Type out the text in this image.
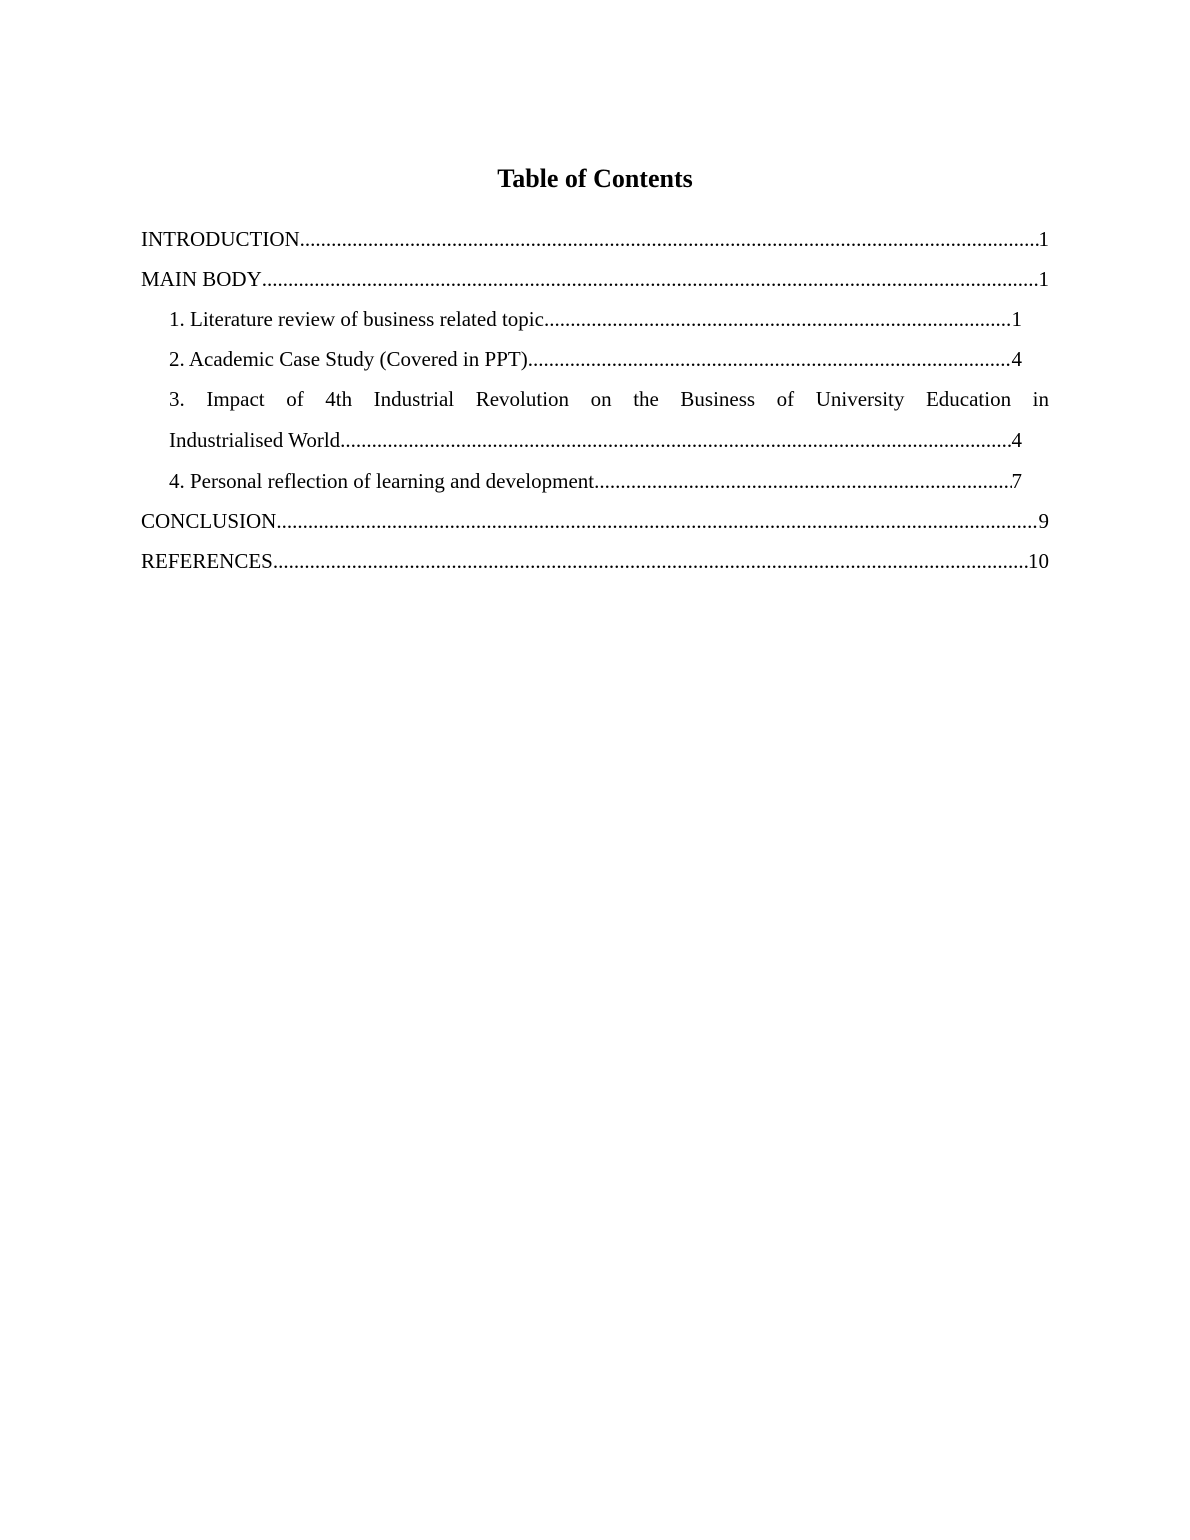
Table of Contents
INTRODUCTION .....	1
MAIN BODY .....	1
1. Literature review of business related topic .....	1
2. Academic Case Study (Covered in PPT) .....	4
3. Impact of 4th Industrial Revolution on the Business of University Education in
Industrialised World .....	4
4. Personal reflection of learning and development .....	7
CONCLUSION .....	9
REFERENCES .....	10
